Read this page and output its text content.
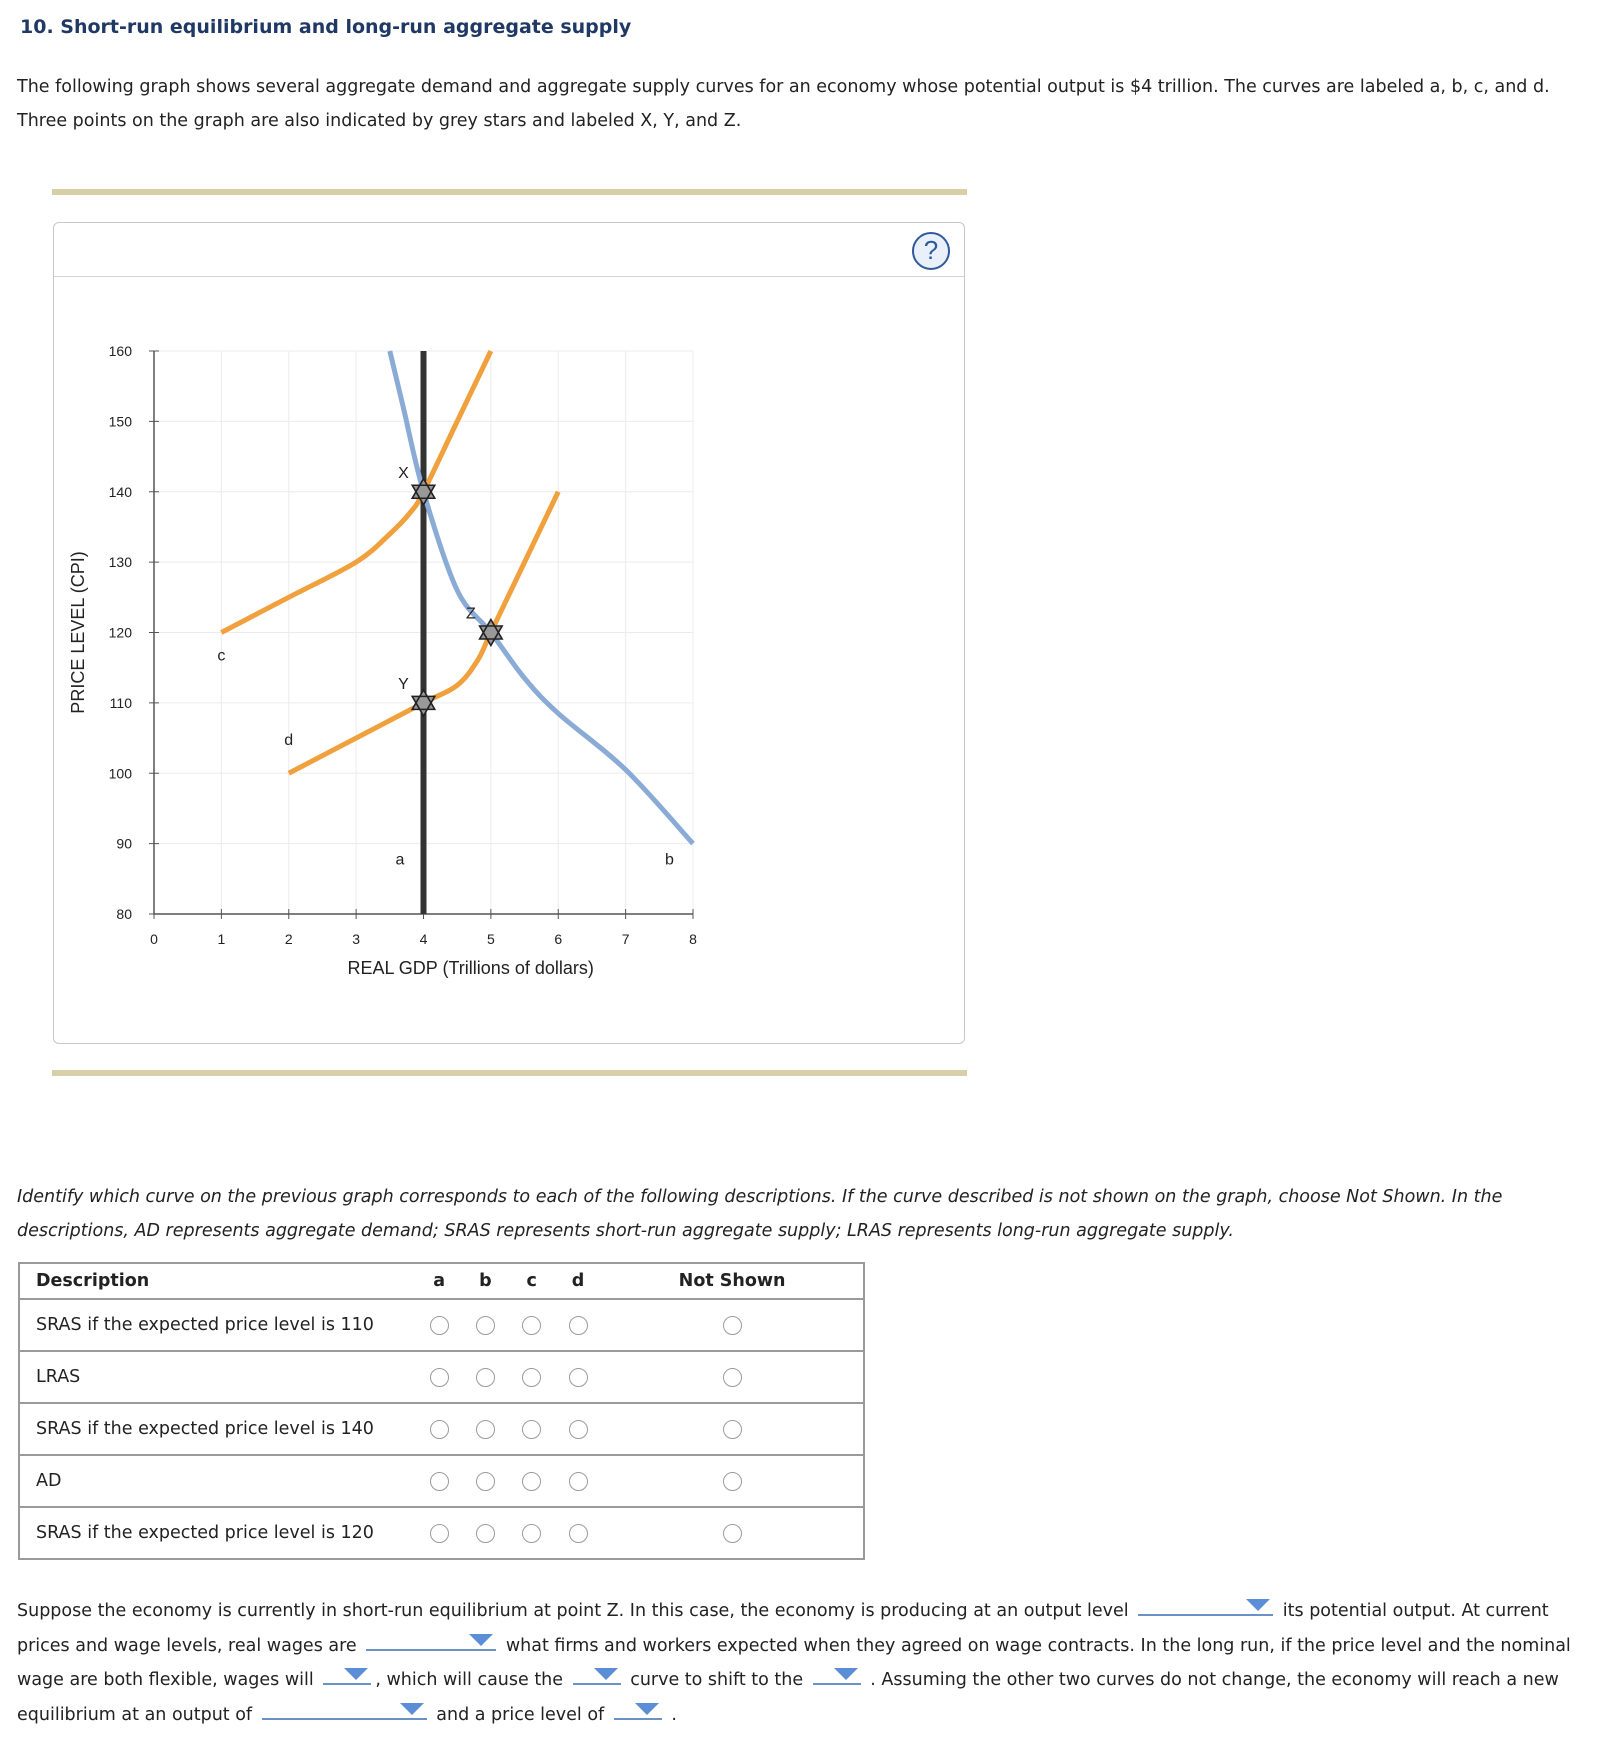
10. Short-run equilibrium and long-run aggregate supply
The following graph shows several aggregate demand and aggregate supply curves for an economy whose potential output is $4 trillion. The curves are labeled a, b, c, and d. Three points on the graph are also indicated by grey stars and labeled X, Y, and Z.
?
0	1	2	3	4	5	6	7	8
80
90
100
110
120
130
140
150
160
REAL GDP (Trillions of dollars)
PRICE LEVEL (CPI)
a	b
c
d
X
Y
Z
Identify which curve on the previous graph corresponds to each of the following descriptions. If the curve described is not shown on the graph, choose Not Shown. In the descriptions, AD represents aggregate demand; SRAS represents short-run aggregate supply; LRAS represents long-run aggregate supply.
Description	a	b	c	d	Not Shown
SRAS if the expected price level is 110					
LRAS					
SRAS if the expected price level is 140					
AD					
SRAS if the expected price level is 120					
Suppose the economy is currently in short-run equilibrium at point Z. In this case, the economy is producing at an output level	its potential output. At current prices and wage levels, real wages are	what firms and workers expected when they agreed on wage contracts. In the long run, if the price level and the nominal wage are both flexible, wages will	, which will cause the	curve to shift to the	. Assuming the other two curves do not change, the economy will reach a new equilibrium at an output of	and a price level of	.
